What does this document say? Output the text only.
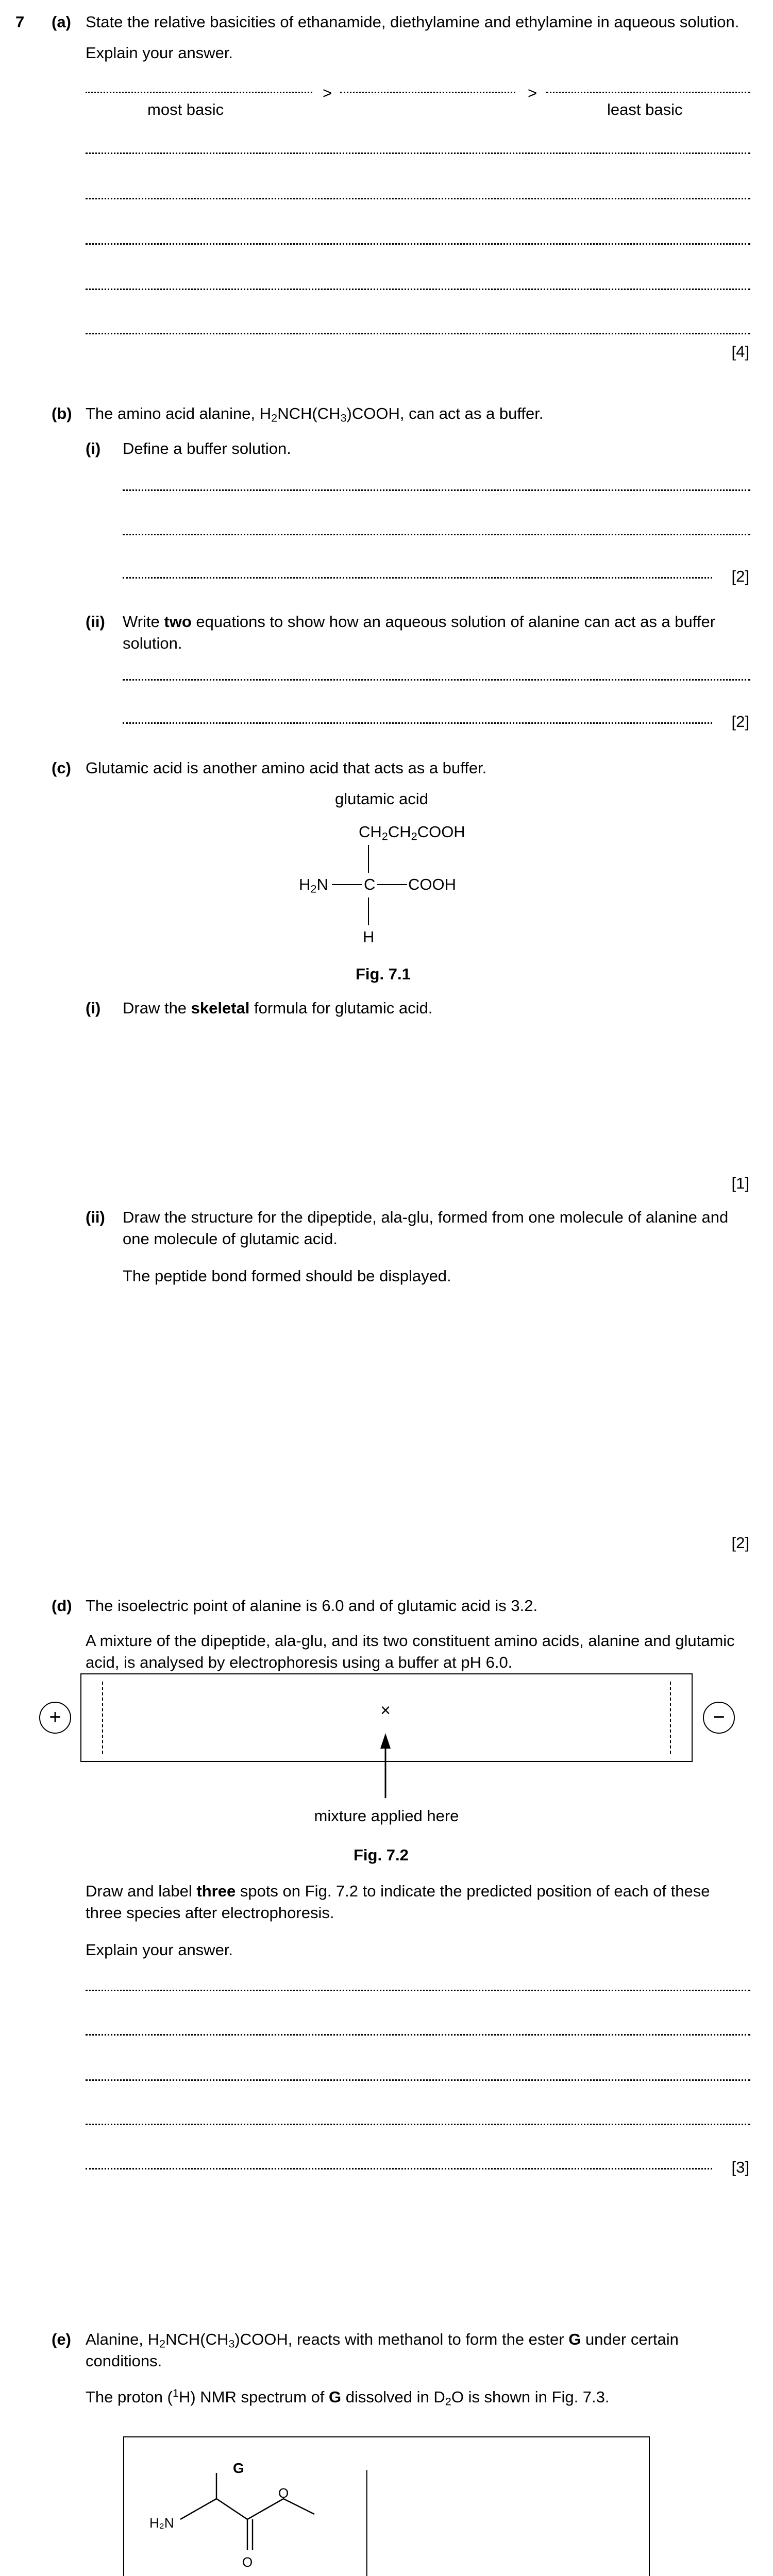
7 (a) State the relative basicities of ethanamide, diethylamine and ethylamine in aqueous solution.
Explain your answer.
>	>
most basic	least basic
[4]
(b) The amino acid alanine, $H_2NCH(CH_3)COOH$, can act as a buffer.
(i) Define a buffer solution.
[2]
(ii) Write two equations to show how an aqueous solution of alanine can act as a buffer solution.
[2]
(c) Glutamic acid is another amino acid that acts as a buffer.
glutamic acid
$CH_2CH_2COOH$
$H_2N$ C COOH
H
Fig. 7.1
(i) Draw the skeletal formula for glutamic acid.
[1]
(ii) Draw the structure for the dipeptide, ala-glu, formed from one molecule of alanine and one molecule of glutamic acid.
The peptide bond formed should be displayed.
[2]
(d) The isoelectric point of alanine is 6.0 and of glutamic acid is 3.2.
A mixture of the dipeptide, ala-glu, and its two constituent amino acids, alanine and glutamic acid, is analysed by electrophoresis using a buffer at pH 6.0.
+	−
×
mixture applied here
Fig. 7.2
Draw and label three spots on Fig. 7.2 to indicate the predicted position of each of these three species after electrophoresis.
Explain your answer.
[3]
(e) Alanine, $H_2NCH(CH_3)COOH$, reacts with methanol to form the ester G under certain conditions.
The proton ($^1$H) NMR spectrum of G dissolved in $D_2O$ is shown in Fig. 7.3.
G
H₂N
O
O
